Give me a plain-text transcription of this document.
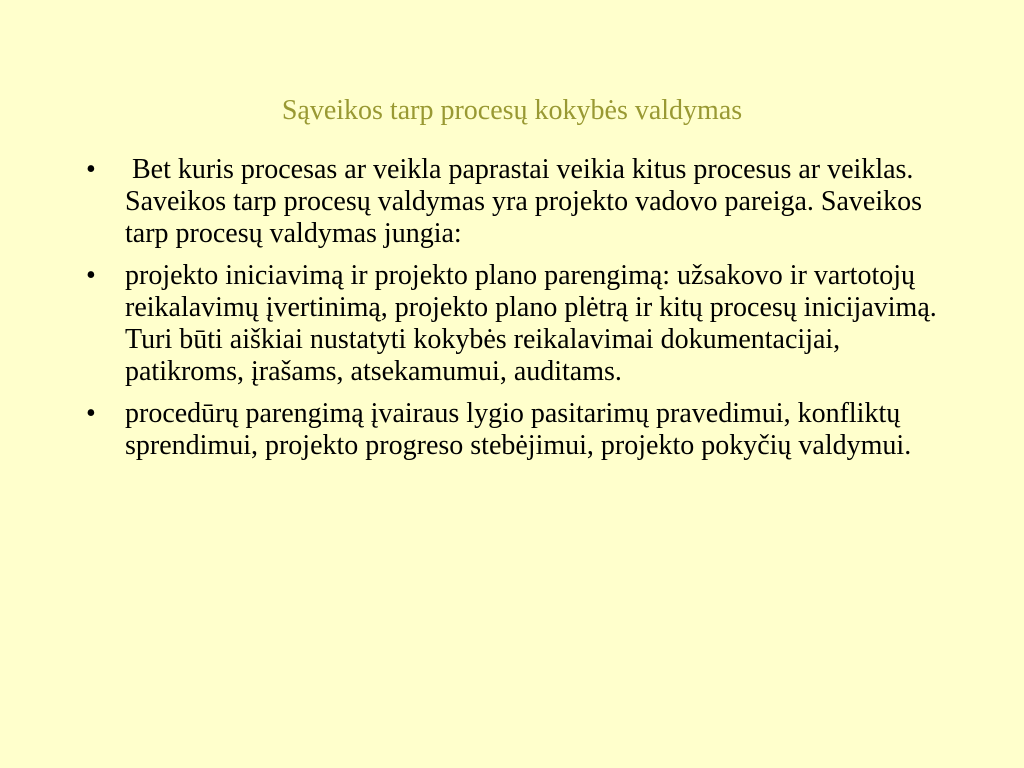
Sąveikos tarp procesų kokybės valdymas
• Bet kuris procesas ar veikla paprastai veikia kitus procesus ar veiklas. Saveikos tarp procesų valdymas yra projekto vadovo pareiga. Saveikos tarp procesų valdymas jungia:
• projekto iniciavimą ir projekto plano parengimą: užsakovo ir vartotojų reikalavimų įvertinimą, projekto plano plėtrą ir kitų procesų inicijavimą. Turi būti aiškiai nustatyti kokybės reikalavimai dokumentacijai, patikroms, įrašams, atsekamumui, auditams.
• procedūrų parengimą įvairaus lygio pasitarimų pravedimui, konfliktų sprendimui, projekto progreso stebėjimui, projekto pokyčių valdymui.
